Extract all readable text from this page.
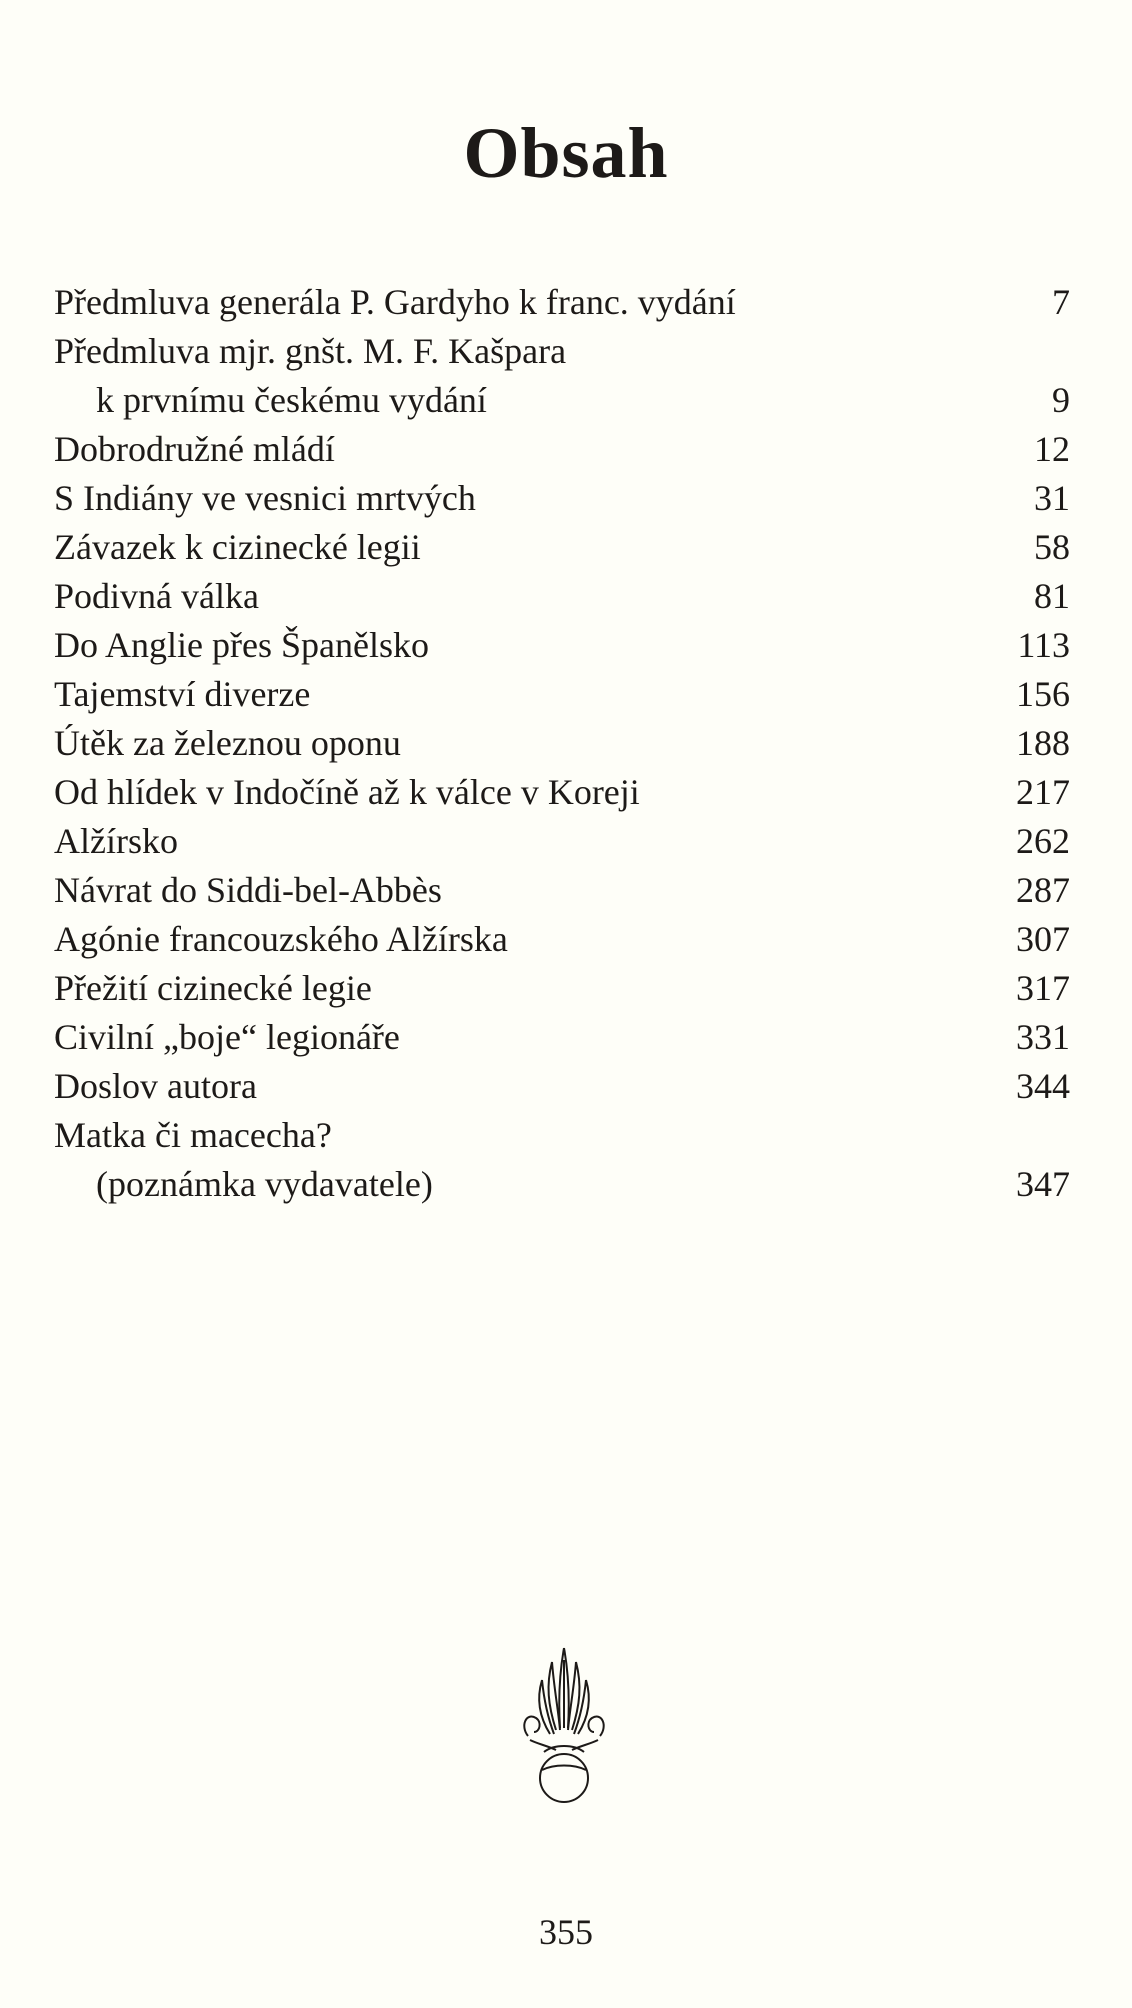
Obsah
Předmluva generála P. Gardyho k franc. vydání	7
Předmluva mjr. gnšt. M. F. Kašpara
k prvnímu českému vydání	9
Dobrodružné mládí	12
S Indiány ve vesnici mrtvých	31
Závazek k cizinecké legii	58
Podivná válka	81
Do Anglie přes Španělsko	113
Tajemství diverze	156
Útěk za železnou oponu	188
Od hlídek v Indočíně až k válce v Koreji	217
Alžírsko	262
Návrat do Siddi-bel-Abbès	287
Agónie francouzského Alžírska	307
Přežití cizinecké legie	317
Civilní „boje“ legionáře	331
Doslov autora	344
Matka či macecha?
(poznámka vydavatele)	347
355
